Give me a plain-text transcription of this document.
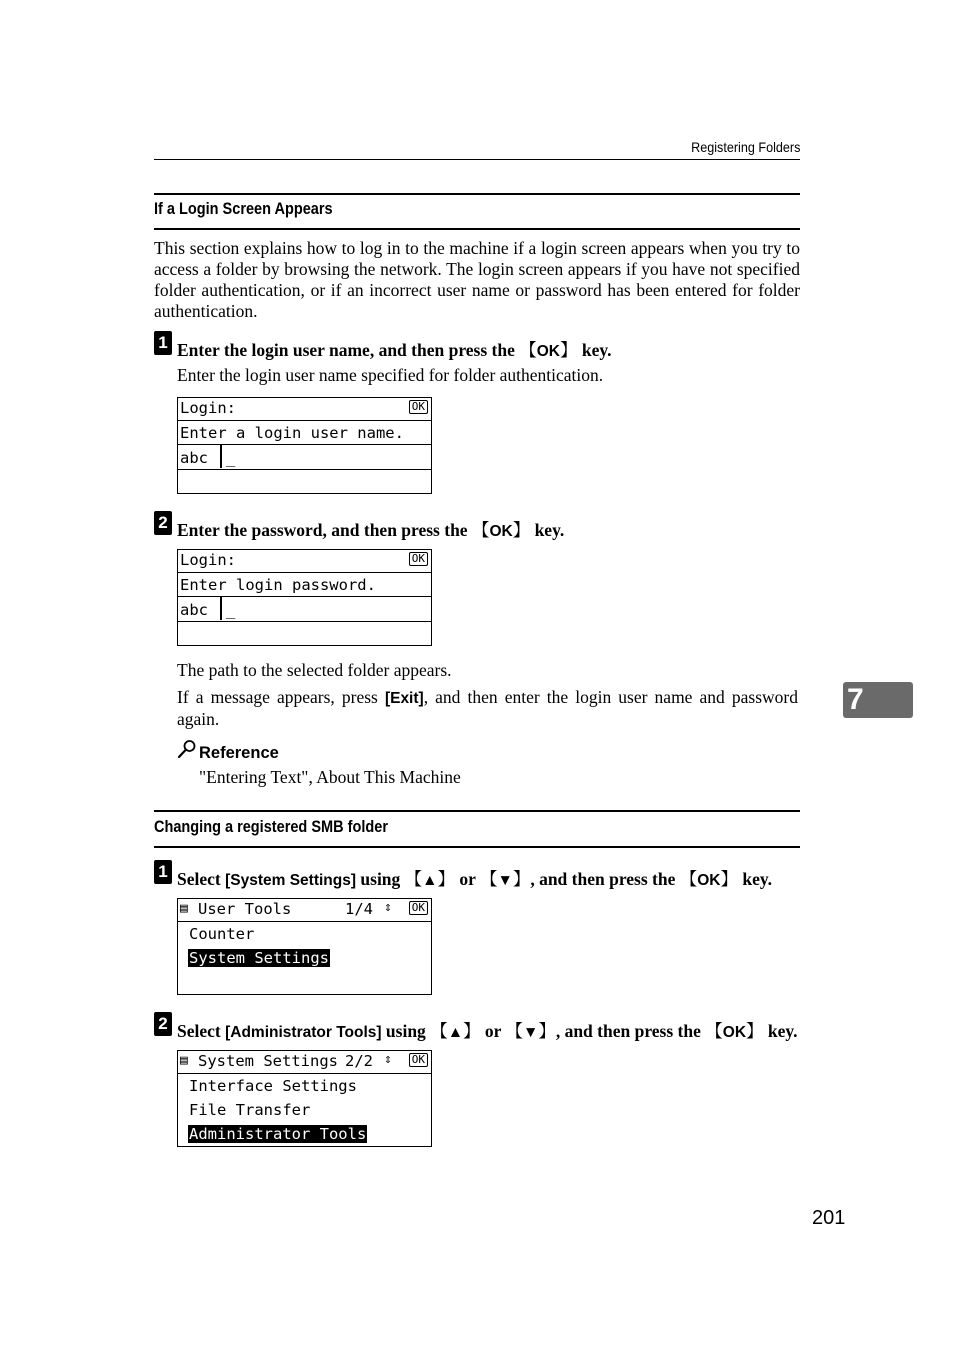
Registering Folders
If a Login Screen Appears
This section explains how to log in to the machine if a login screen appears when you try to access a folder by browsing the network. The login screen appears if you have not specified folder authentication, or if an incorrect user name or password has been entered for folder authentication.
1 Enter the login user name, and then press the 【OK】 key.
Enter the login user name specified for folder authentication.
Login:	OK
Enter a login user name.
abc _
2 Enter the password, and then press the 【OK】 key.
Login:	OK
Enter login password.
abc _
The path to the selected folder appears.
If a message appears, press [Exit], and then enter the login user name and password again.
Reference
"Entering Text", About This Machine
Changing a registered SMB folder
1 Select [System Settings] using 【▲】 or 【▼】, and then press the 【OK】 key.
▤ User Tools	1/4 ⇕ OK
Counter
System Settings
2 Select [Administrator Tools] using 【▲】 or 【▼】, and then press the 【OK】 key.
▤ System Settings 2/2 ⇕ OK
Interface Settings
File Transfer
Administrator Tools
7
201
